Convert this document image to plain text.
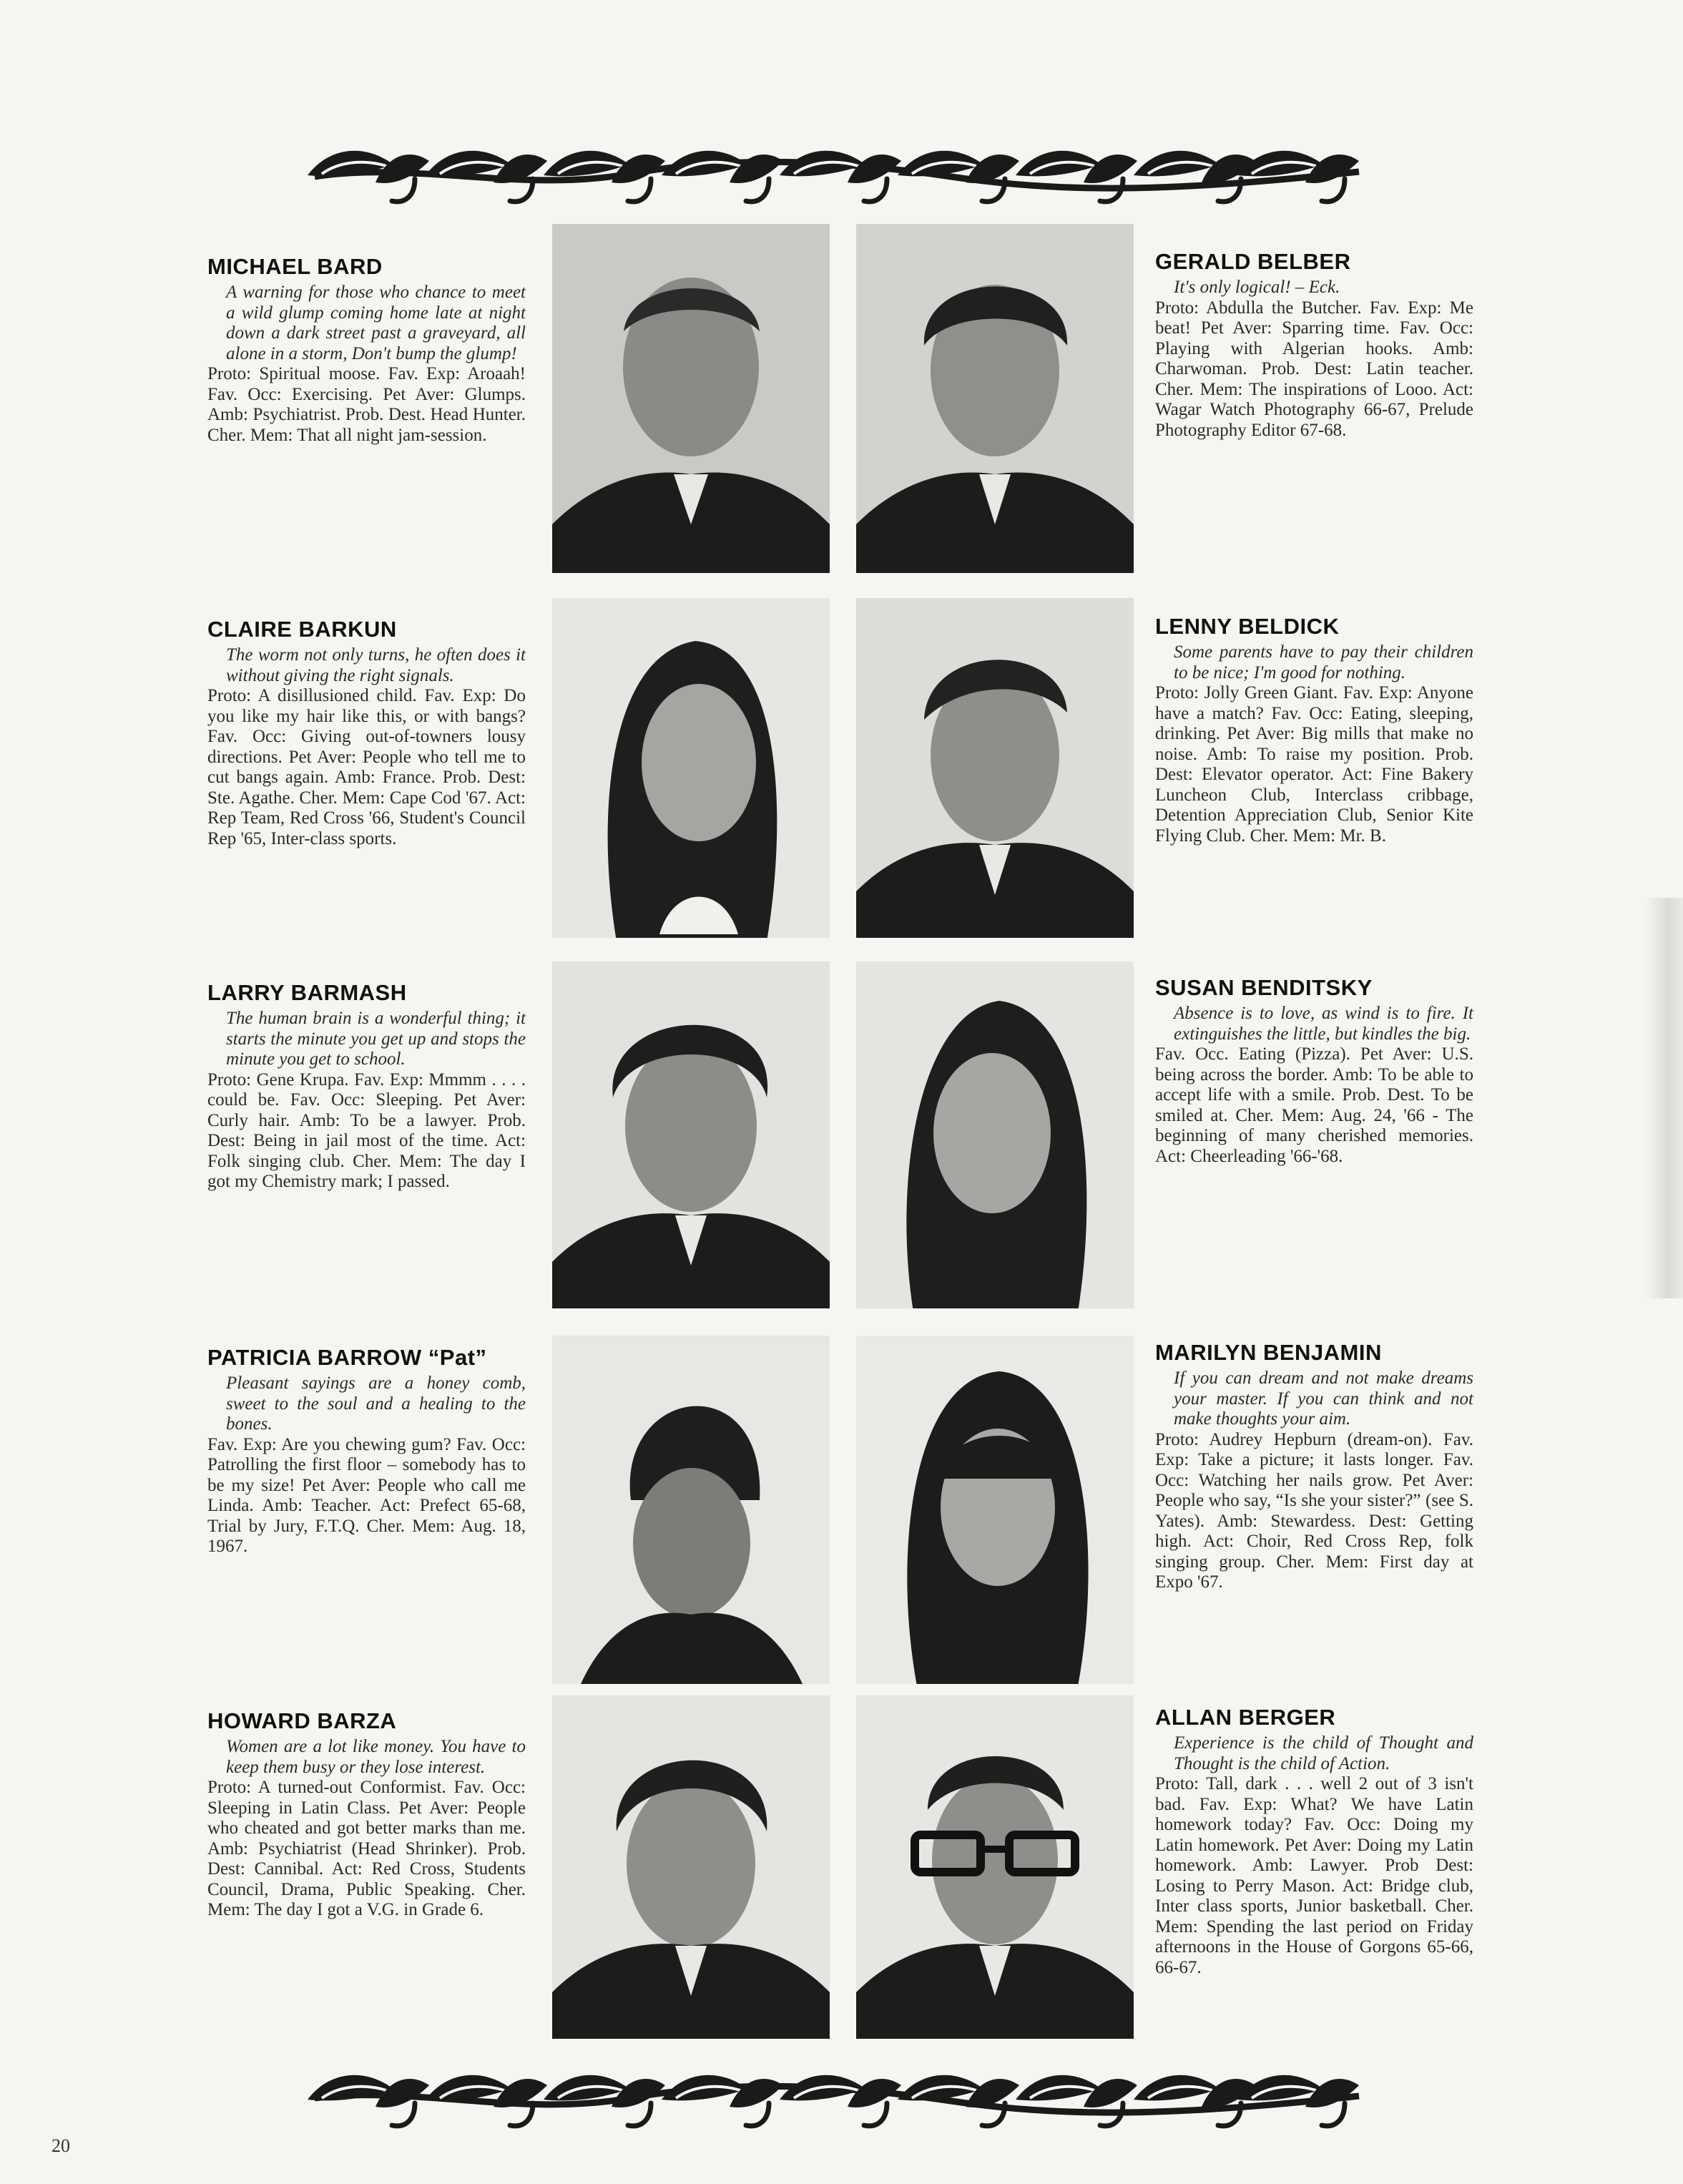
MICHAEL BARD

A warning for those who chance to meet a wild glump coming home late at night down a dark street past a graveyard, all alone in a storm, Don't bump the glump!

Proto: Spiritual moose. Fav. Exp: Aroaah! Fav. Occ: Exercising. Pet Aver: Glumps. Amb: Psychiatrist. Prob. Dest. Head Hunter. Cher. Mem: That all night jam-session.

GERALD BELBER

It's only logical! – Eck.

Proto: Abdulla the Butcher. Fav. Exp: Me beat! Pet Aver: Sparring time. Fav. Occ: Playing with Algerian hooks. Amb: Charwoman. Prob. Dest: Latin teacher. Cher. Mem: The inspirations of Looo. Act: Wagar Watch Photography 66-67, Prelude Photography Editor 67-68.

CLAIRE BARKUN

The worm not only turns, he often does it without giving the right signals.

Proto: A disillusioned child. Fav. Exp: Do you like my hair like this, or with bangs? Fav. Occ: Giving out-of-towners lousy directions. Pet Aver: People who tell me to cut bangs again. Amb: France. Prob. Dest: Ste. Agathe. Cher. Mem: Cape Cod '67. Act: Rep Team, Red Cross '66, Student's Council Rep '65, Inter-class sports.

LENNY BELDICK

Some parents have to pay their children to be nice; I'm good for nothing.

Proto: Jolly Green Giant. Fav. Exp: Anyone have a match? Fav. Occ: Eating, sleeping, drinking. Pet Aver: Big mills that make no noise. Amb: To raise my position. Prob. Dest: Elevator operator. Act: Fine Bakery Luncheon Club, Interclass cribbage, Detention Appreciation Club, Senior Kite Flying Club. Cher. Mem: Mr. B.

LARRY BARMASH

The human brain is a wonderful thing; it starts the minute you get up and stops the minute you get to school.

Proto: Gene Krupa. Fav. Exp: Mmmm . . . . could be. Fav. Occ: Sleeping. Pet Aver: Curly hair. Amb: To be a lawyer. Prob. Dest: Being in jail most of the time. Act: Folk singing club. Cher. Mem: The day I got my Chemistry mark; I passed.

SUSAN BENDITSKY

Absence is to love, as wind is to fire. It extinguishes the little, but kindles the big.

Fav. Occ. Eating (Pizza). Pet Aver: U.S. being across the border. Amb: To be able to accept life with a smile. Prob. Dest. To be smiled at. Cher. Mem: Aug. 24, '66 - The beginning of many cherished memories. Act: Cheerleading '66-'68.

PATRICIA BARROW “Pat”

Pleasant sayings are a honey comb, sweet to the soul and a healing to the bones.

Fav. Exp: Are you chewing gum? Fav. Occ: Patrolling the first floor – somebody has to be my size! Pet Aver: People who call me Linda. Amb: Teacher. Act: Prefect 65-68, Trial by Jury, F.T.Q. Cher. Mem: Aug. 18, 1967.

MARILYN BENJAMIN

If you can dream and not make dreams your master. If you can think and not make thoughts your aim.

Proto: Audrey Hepburn (dream-on). Fav. Exp: Take a picture; it lasts longer. Fav. Occ: Watching her nails grow. Pet Aver: People who say, “Is she your sister?” (see S. Yates). Amb: Stewardess. Dest: Getting high. Act: Choir, Red Cross Rep, folk singing group. Cher. Mem: First day at Expo '67.

HOWARD BARZA

Women are a lot like money. You have to keep them busy or they lose interest.

Proto: A turned-out Conformist. Fav. Occ: Sleeping in Latin Class. Pet Aver: People who cheated and got better marks than me. Amb: Psychiatrist (Head Shrinker). Prob. Dest: Cannibal. Act: Red Cross, Students Council, Drama, Public Speaking. Cher. Mem: The day I got a V.G. in Grade 6.

ALLAN BERGER

Experience is the child of Thought and Thought is the child of Action.

Proto: Tall, dark . . . well 2 out of 3 isn't bad. Fav. Exp: What? We have Latin homework today? Fav. Occ: Doing my Latin homework. Pet Aver: Doing my Latin homework. Amb: Lawyer. Prob Dest: Losing to Perry Mason. Act: Bridge club, Inter class sports, Junior basketball. Cher. Mem: Spending the last period on Friday afternoons in the House of Gorgons 65-66, 66-67.

20
